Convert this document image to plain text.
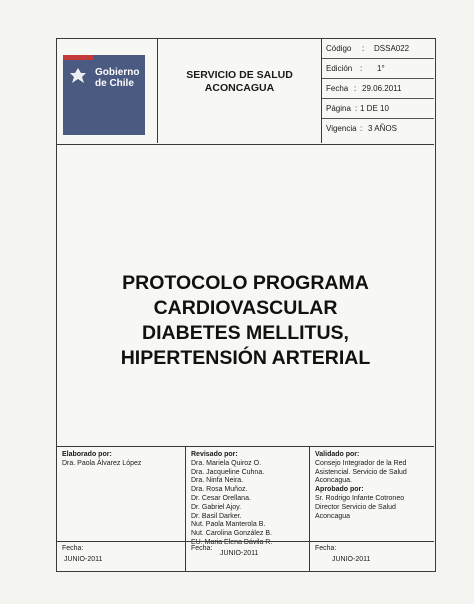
Gobierno
de Chile
SERVICIO DE SALUD
ACONCAGUA
Código : DSSA022
Edición : 1°
Fecha : 29.06.2011
Página : 1 DE 10
Vigencia : 3 AÑOS
PROTOCOLO PROGRAMA
CARDIOVASCULAR
DIABETES MELLITUS,
HIPERTENSIÓN ARTERIAL
Elaborado por:
Dra. Paola Álvarez López
Fecha:
JUNIO-2011
Revisado por:
Dra. Mariela Quiroz O.
Dra. Jacqueline Cuhna.
Dra. Ninfa Neira.
Dra. Rosa Muñoz.
Dr. Cesar Orellana.
Dr. Gabriel Ajoy.
Dr. Basil Darker.
Nut. Paola Manterola B.
Nut. Carolina González B.
EU. Maria Elena Dávila R.
Fecha:
JUNIO-2011
Validado por:
Consejo Integrador de la Red
Asistencial. Servicio de Salud
Aconcagua.
Aprobado por:
Sr. Rodrigo Infante Cotroneo
Director Servicio de Salud
Aconcagua
Fecha:
JUNIO-2011
